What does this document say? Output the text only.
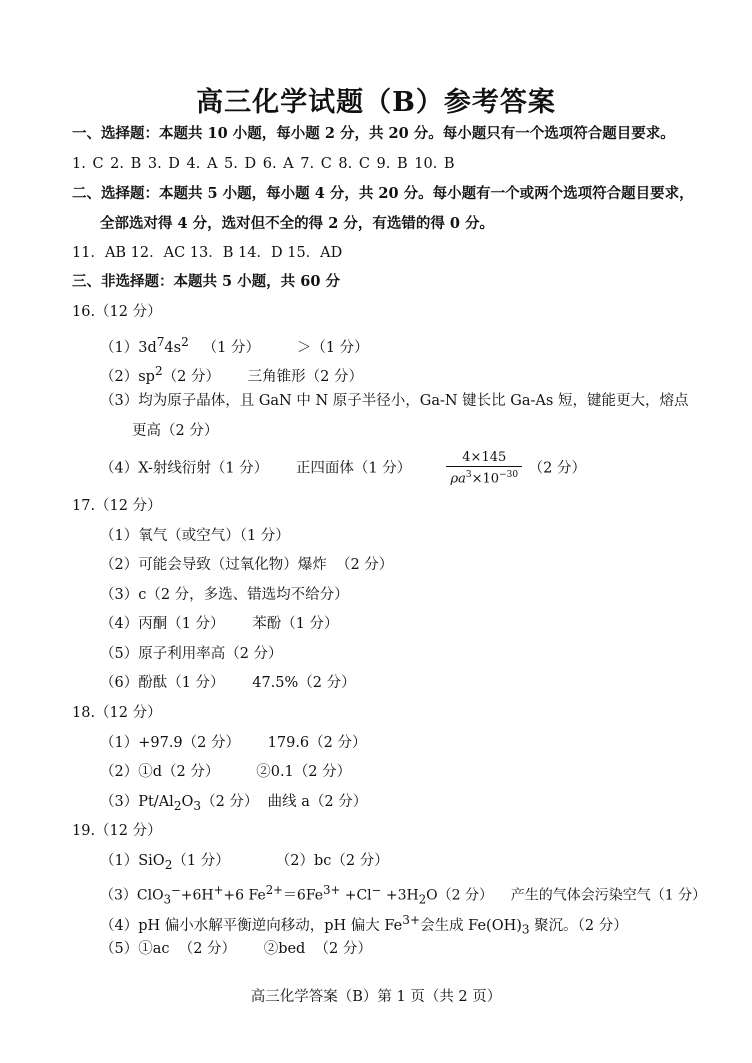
高三化学试题（B）参考答案
一、选择题：本题共 10 小题，每小题 2 分，共 20 分。每小题只有一个选项符合题目要求。
1. C 2. B 3. D 4. A 5. D 6. A 7. C 8. C 9. B 10. B
二、选择题：本题共 5 小题，每小题 4 分，共 20 分。每小题有一个或两个选项符合题目要求，
全部选对得 4 分，选对但不全的得 2 分，有选错的得 0 分。
11．AB 12．AC 13．B 14．D 15．AD
三、非选择题：本题共 5 小题，共 60 分
16.（12 分）
$(1)3d^74s^2$   （1 分）        ＞（1 分）
$(2)sp^2(2$ 分）      三角锥形（2 分）
（3）均为原子晶体，且 GaN 中 N 原子半径小，Ga-N 键长比 Ga-As 短，键能更大，熔点
更高（2 分）
（4）X-射线衍射（1 分）      正四面体（1 分）	$\frac{4\times 145}{\rho a^3\times 10^{-30}} (2$ 分）
17.（12 分）
（1）氧气（或空气）（1 分）
（2）可能会导致（过氧化物）爆炸  （2 分）
（3）c（2 分，多选、错选均不给分）
（4）丙酮（1 分）      苯酚（1 分）
（5）原子利用率高（2 分）
（6）酚酞（1 分）      47.5%（2 分）
18.（12 分）
（1）+97.9（2 分）      179.6（2 分）
（2）①d（2 分）        ②0.1（2 分）
$(3)Pt/Al_2O_3(2$ 分）  曲线 a（2 分）
19.（12 分）
（1）SiO$_2$（1 分）          （2）bc（2 分）
（3）ClO$_3$−+6H++6 $Fe^{2+}=6Fe^{3+} +Cl^- +3H_2O(2$ 分）    产生的气体会污染空气（1 分）
（4）pH 偏小水解平衡逆向移动，pH 偏大 $Fe^{3+}$会生成 $Fe(OH)_3$ 聚沉。（2 分）
（5）①ac  （2 分）      ②bed  （2 分）
高三化学答案（B）第 1 页（共 2 页）
